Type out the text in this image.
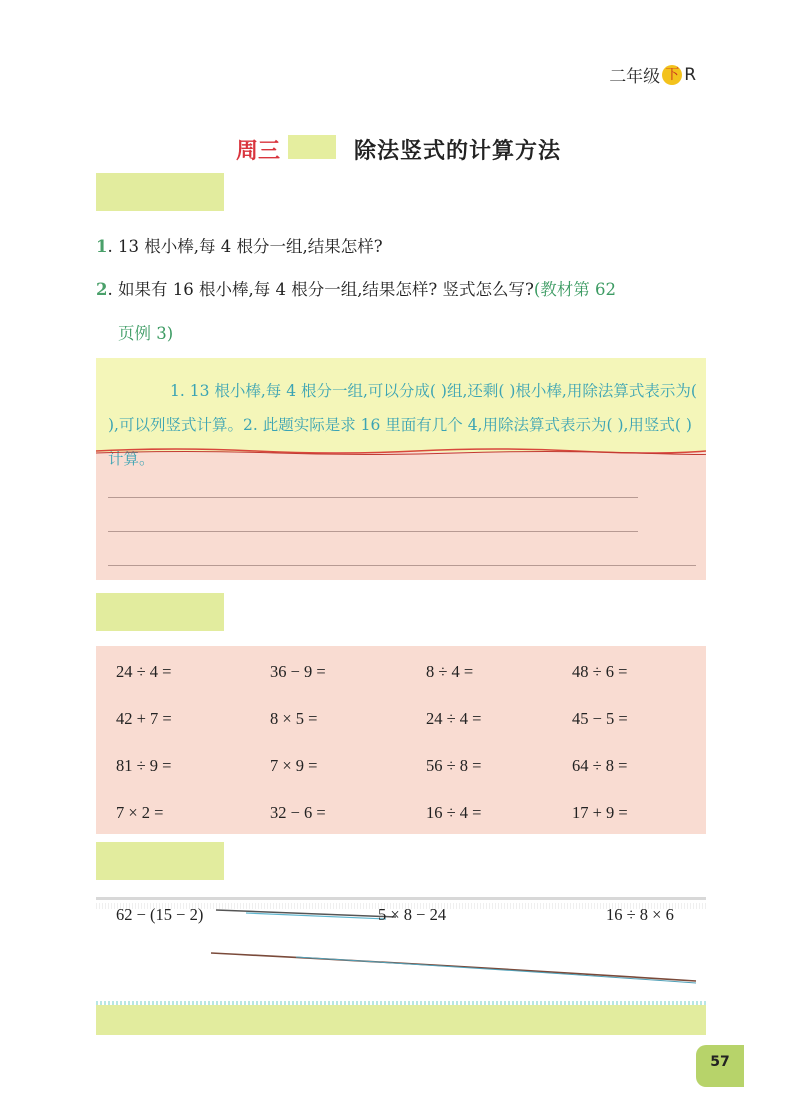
二年级 下 R
周三	除法竖式的计算方法
1. 13 根小棒,每 4 根分一组,结果怎样?
2. 如果有 16 根小棒,每 4 根分一组,结果怎样? 竖式怎么写?(教材第 62
页例 3)
1. 13 根小棒,每 4 根分一组,可以分成( )组,还剩( )根小棒,用除法算式表示为( ),可以列竖式计算。2. 此题实际是求 16 里面有几个 4,用除法算式表示为( ),用竖式( )计算。
24 ÷ 4 =	36 − 9 =	8 ÷ 4 =	48 ÷ 6 =
42 + 7 =	8 × 5 =	24 ÷ 4 =	45 − 5 =
81 ÷ 9 =	7 × 9 =	56 ÷ 8 =	64 ÷ 8 =
7 × 2 =	32 − 6 =	16 ÷ 4 =	17 + 9 =
62 − (15 − 2)	5 × 8 − 24	16 ÷ 8 × 6
57
